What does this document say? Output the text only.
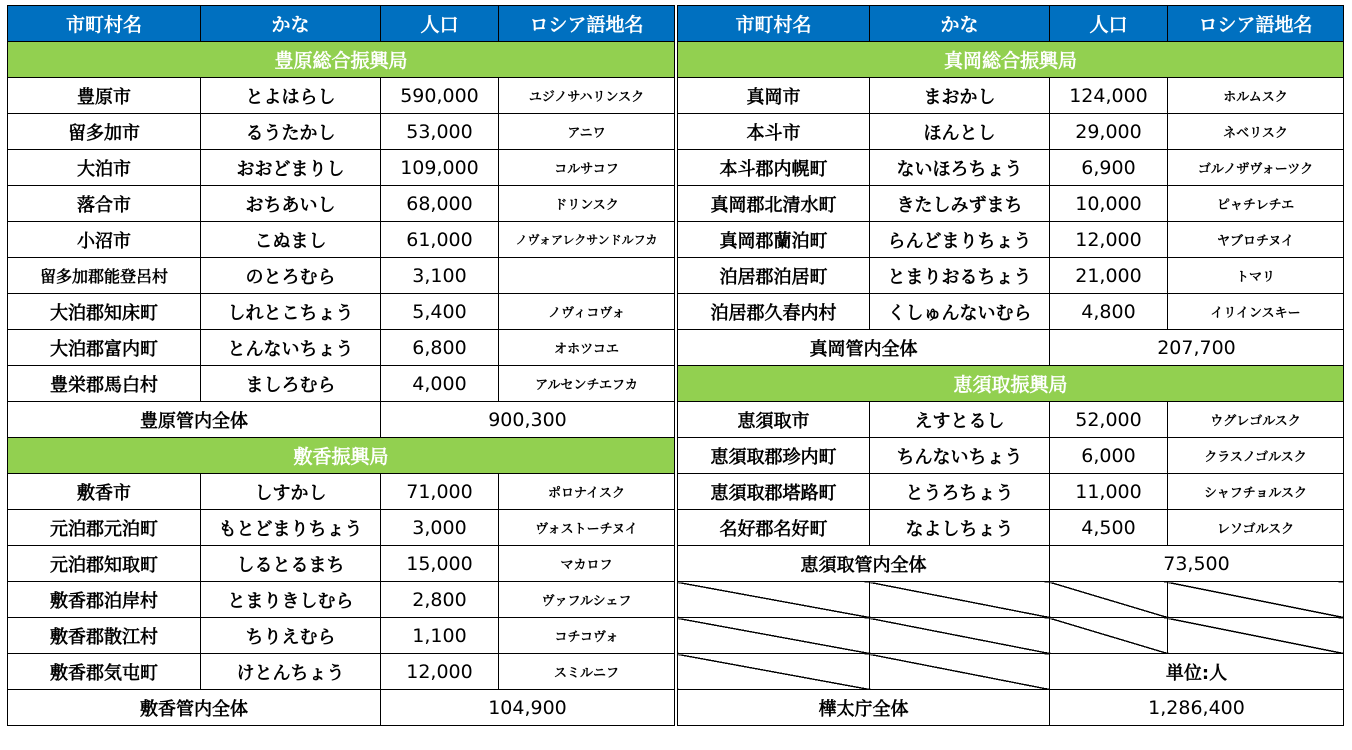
市町村名	かな	人口	ロシア語地名
豊原総合振興局			
豊原市	とよはらし	590,000	ユジノサハリンスク
留多加市	るうたかし	53,000	アニワ
大泊市	おおどまりし	109,000	コルサコフ
落合市	おちあいし	68,000	ドリンスク
小沼市	こぬまし	61,000	ノヴォアレクサンドルフカ
留多加郡能登呂村	のとろむら	3,100	
大泊郡知床町	しれとこちょう	5,400	ノヴィコヴォ
大泊郡富内町	とんないちょう	6,800	オホツコエ
豊栄郡馬白村	ましろむら	4,000	アルセンチエフカ
豊原管内全体		900,300	
敷香振興局			
敷香市	しすかし	71,000	ポロナイスク
元泊郡元泊町	もとどまりちょう	3,000	ヴォストーチヌイ
元泊郡知取町	しるとるまち	15,000	マカロフ
敷香郡泊岸村	とまりきしむら	2,800	ヴァフルシェフ
敷香郡散江村	ちりえむら	1,100	コチコヴォ
敷香郡気屯町	けとんちょう	12,000	スミルニフ
敷香管内全体		104,900	
市町村名	かな	人口	ロシア語地名
真岡総合振興局			
真岡市	まおかし	124,000	ホルムスク
本斗市	ほんとし	29,000	ネベリスク
本斗郡内幌町	ないほろちょう	6,900	ゴルノザヴォーツク
真岡郡北清水町	きたしみずまち	10,000	ピャチレチエ
真岡郡蘭泊町	らんどまりちょう	12,000	ヤブロチヌイ
泊居郡泊居町	とまりおるちょう	21,000	トマリ
泊居郡久春内村	くしゅんないむら	4,800	イリインスキー
真岡管内全体		207,700	
恵須取振興局			
恵須取市	えすとるし	52,000	ウグレゴルスク
恵須取郡珍内町	ちんないちょう	6,000	クラスノゴルスク
恵須取郡塔路町	とうろちょう	11,000	シャフチョルスク
名好郡名好町	なよしちょう	4,500	レソゴルスク
恵須取管内全体		73,500	

		単位:人	
樺太庁全体		1,286,400	
